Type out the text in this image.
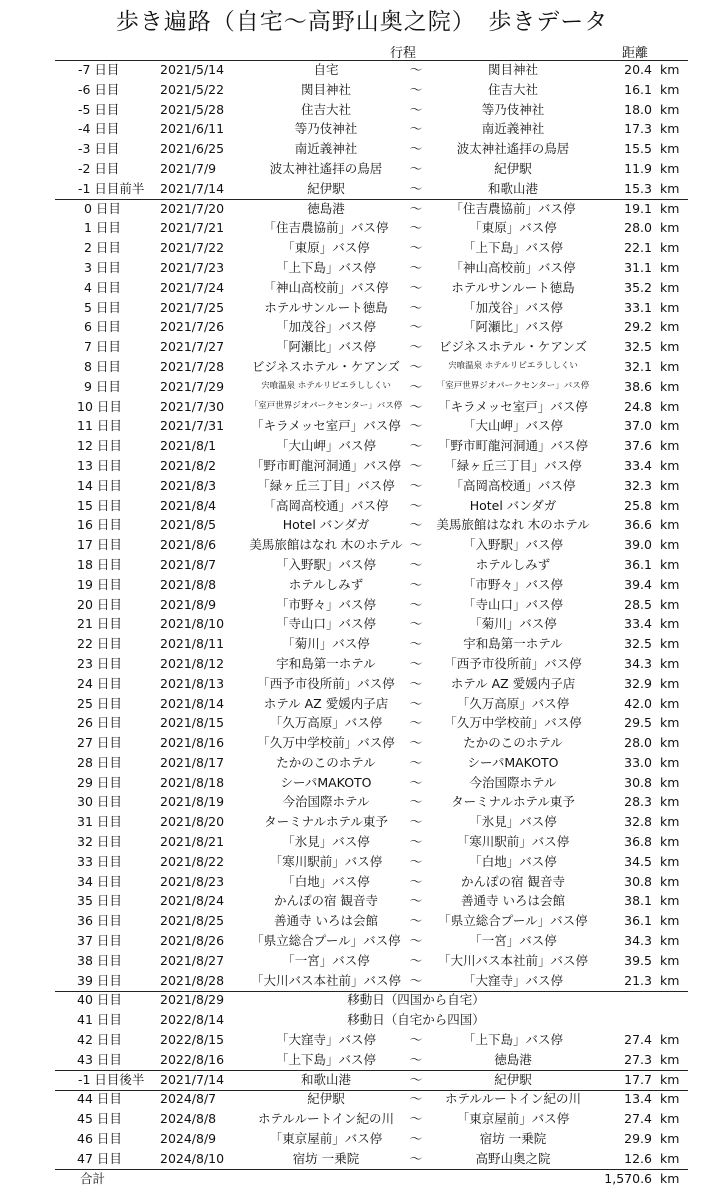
歩き遍路（自宅〜高野山奥之院）　歩きデータ
行程	距離
-7 日目	2021/5/14	自宅	〜	関目神社	20.4 km
-6 日目	2021/5/22	関目神社	〜	住吉大社	16.1 km
-5 日目	2021/5/28	住吉大社	〜	等乃伎神社	18.0 km
-4 日目	2021/6/11	等乃伎神社	〜	南近義神社	17.3 km
-3 日目	2021/6/25	南近義神社	〜	波太神社遙拝の鳥居	15.5 km
-2 日目	2021/7/9	波太神社遙拝の鳥居	〜	紀伊駅	11.9 km
-1 日目前半	2021/7/14	紀伊駅	〜	和歌山港	15.3 km
0 日目	2021/7/20	徳島港	〜	「住吉農協前」バス停	19.1 km
1 日目	2021/7/21	「住吉農協前」バス停	〜	「東原」バス停	28.0 km
2 日目	2021/7/22	「東原」バス停	〜	「上下島」バス停	22.1 km
3 日目	2021/7/23	「上下島」バス停	〜	「神山高校前」バス停	31.1 km
4 日目	2021/7/24	「神山高校前」バス停	〜	ホテルサンルート徳島	35.2 km
5 日目	2021/7/25	ホテルサンルート徳島	〜	「加茂谷」バス停	33.1 km
6 日目	2021/7/26	「加茂谷」バス停	〜	「阿瀬比」バス停	29.2 km
7 日目	2021/7/27	「阿瀬比」バス停	〜	ビジネスホテル・ケアンズ	32.5 km
8 日目	2021/7/28	ビジネスホテル・ケアンズ 〜	宍喰温泉 ホテルリビエラししくい	32.1 km
9 日目	2021/7/29	宍喰温泉 ホテルリビエラししくい	〜	「室戸世界ジオパークセンター」バス停	38.6 km
10 日目	2021/7/30	「室戸世界ジオパークセンター」バス停 〜	「キラメッセ室戸」バス停	24.8 km
11 日目	2021/7/31	「キラメッセ室戸」バス停 〜	「大山岬」バス停	37.0 km
12 日目	2021/8/1	「大山岬」バス停	〜	「野市町龍河洞通」バス停	37.6 km
13 日目	2021/8/2	「野市町龍河洞通」バス停 〜	「緑ヶ丘三丁目」バス停	33.4 km
14 日目	2021/8/3	「緑ヶ丘三丁目」バス停	〜	「高岡高校通」バス停	32.3 km
15 日目	2021/8/4	「高岡高校通」バス停	〜	Hotel バンダガ	25.8 km
16 日目	2021/8/5	Hotel バンダガ	〜	美馬旅館はなれ 木のホテル	36.6 km
17 日目	2021/8/6	美馬旅館はなれ 木のホテル 〜	「入野駅」バス停	39.0 km
18 日目	2021/8/7	「入野駅」バス停	〜	ホテルしみず	36.1 km
19 日目	2021/8/8	ホテルしみず	〜	「市野々」バス停	39.4 km
20 日目	2021/8/9	「市野々」バス停	〜	「寺山口」バス停	28.5 km
21 日目	2021/8/10	「寺山口」バス停	〜	「菊川」バス停	33.4 km
22 日目	2021/8/11	「菊川」バス停	〜	宇和島第一ホテル	32.5 km
23 日目	2021/8/12	宇和島第一ホテル	〜	「西予市役所前」バス停	34.3 km
24 日目	2021/8/13	「西予市役所前」バス停	〜	ホテル AZ 愛媛内子店	32.9 km
25 日目	2021/8/14	ホテル AZ 愛媛内子店	〜	「久万高原」バス停	42.0 km
26 日目	2021/8/15	「久万高原」バス停	〜	「久万中学校前」バス停	29.5 km
27 日目	2021/8/16	「久万中学校前」バス停	〜	たかのこのホテル	28.0 km
28 日目	2021/8/17	たかのこのホテル	〜	シーパMAKOTO	33.0 km
29 日目	2021/8/18	シーパMAKOTO	〜	今治国際ホテル	30.8 km
30 日目	2021/8/19	今治国際ホテル	〜	ターミナルホテル東予	28.3 km
31 日目	2021/8/20	ターミナルホテル東予	〜	「氷見」バス停	32.8 km
32 日目	2021/8/21	「氷見」バス停	〜	「寒川駅前」バス停	36.8 km
33 日目	2021/8/22	「寒川駅前」バス停	〜	「白地」バス停	34.5 km
34 日目	2021/8/23	「白地」バス停	〜	かんぽの宿 観音寺	30.8 km
35 日目	2021/8/24	かんぽの宿 観音寺	〜	善通寺 いろは会館	38.1 km
36 日目	2021/8/25	善通寺 いろは会館	〜	「県立総合プール」バス停	36.1 km
37 日目	2021/8/26	「県立総合プール」バス停 〜	「一宮」バス停	34.3 km
38 日目	2021/8/27	「一宮」バス停	〜	「大川バス本社前」バス停	39.5 km
39 日目	2021/8/28	「大川バス本社前」バス停 〜	「大窪寺」バス停	21.3 km
40 日目	2021/8/29	移動日（四国から自宅）
41 日目	2022/8/14	移動日（自宅から四国）
42 日目	2022/8/15	「大窪寺」バス停	〜	「上下島」バス停	27.4 km
43 日目	2022/8/16	「上下島」バス停	〜	徳島港	27.3 km
-1 日目後半	2021/7/14	和歌山港	〜	紀伊駅	17.7 km
44 日目	2024/8/7	紀伊駅	〜	ホテルルートイン紀の川	13.4 km
45 日目	2024/8/8	ホテルルートイン紀の川	〜	「東京屋前」バス停	27.4 km
46 日目	2024/8/9	「東京屋前」バス停	〜	宿坊 一乗院	29.9 km
47 日目	2024/8/10	宿坊 一乗院	〜	高野山奥之院	12.6 km
合計	1,570.6 km
